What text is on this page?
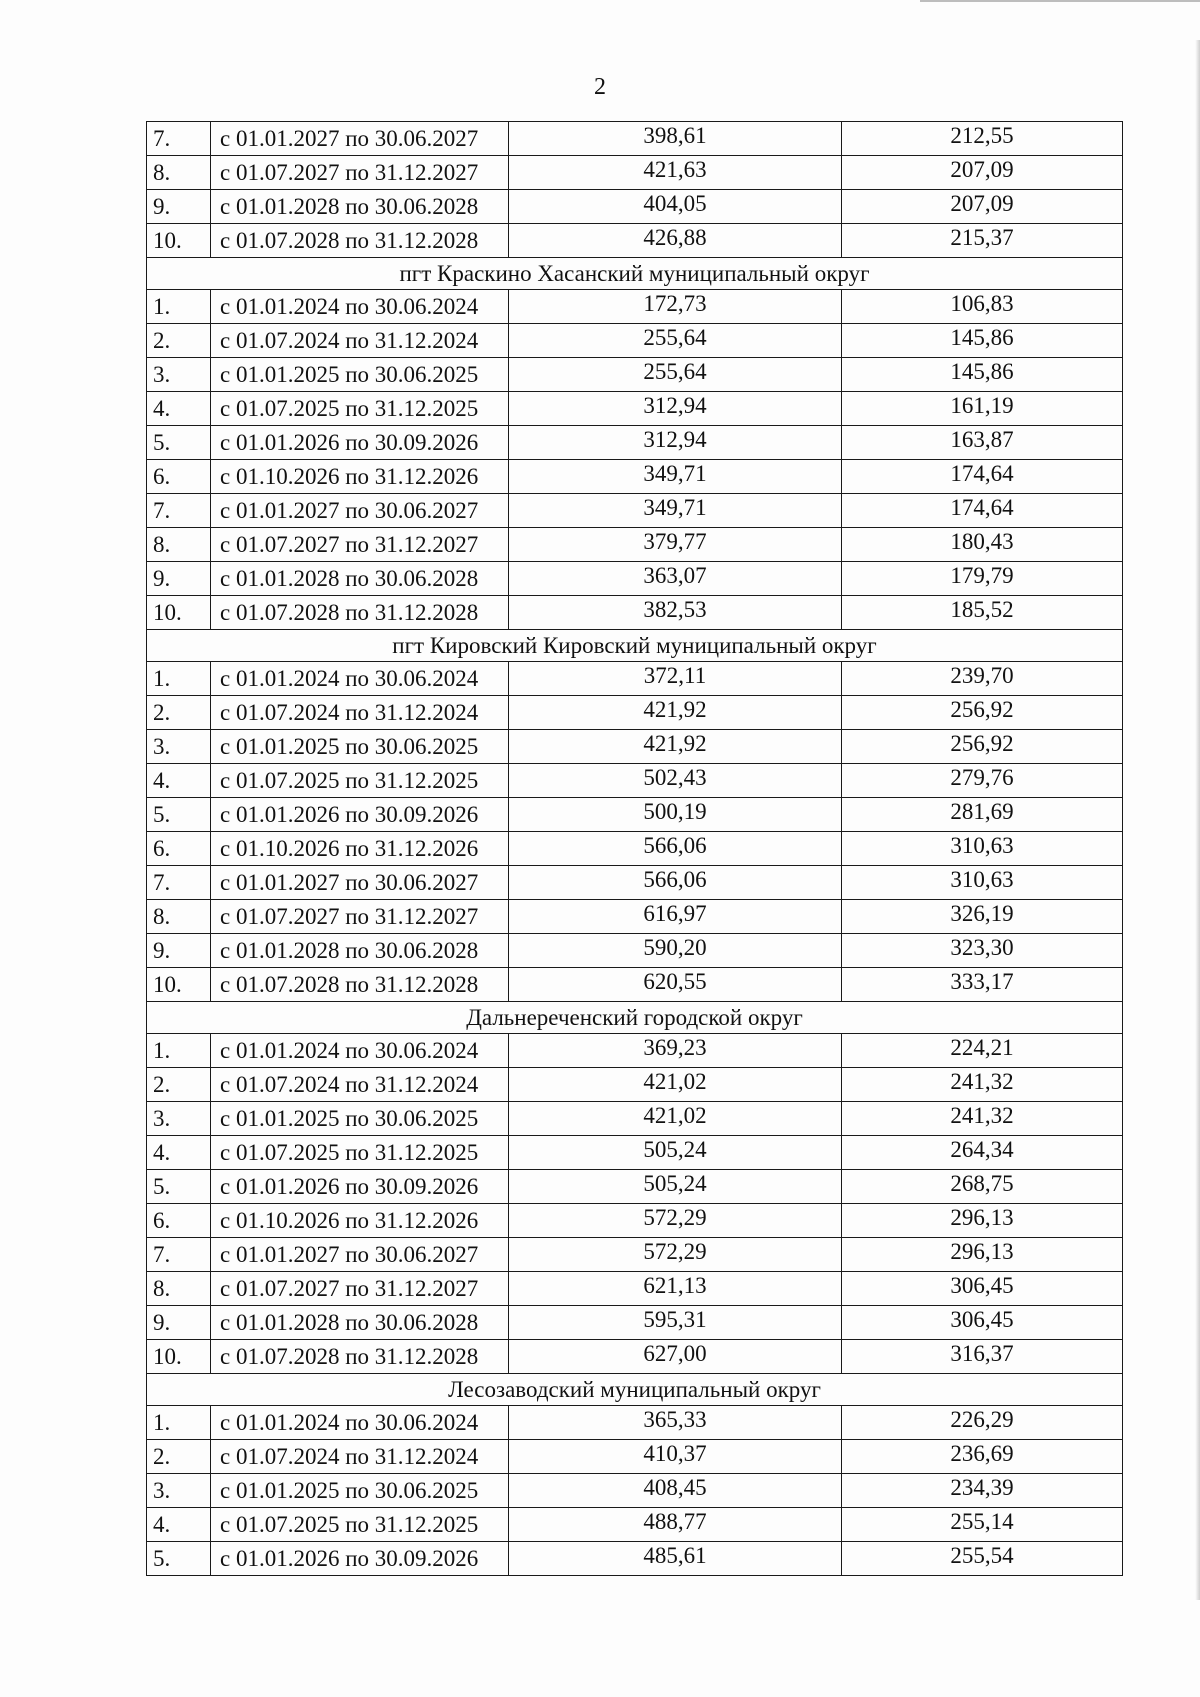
2
7.	с 01.01.2027 по 30.06.2027	398,61	212,55
8.	с 01.07.2027 по 31.12.2027	421,63	207,09
9.	с 01.01.2028 по 30.06.2028	404,05	207,09
10.	с 01.07.2028 по 31.12.2028	426,88	215,37
пгт Краскино Хасанский муниципальный округ			
1.	с 01.01.2024 по 30.06.2024	172,73	106,83
2.	с 01.07.2024 по 31.12.2024	255,64	145,86
3.	с 01.01.2025 по 30.06.2025	255,64	145,86
4.	с 01.07.2025 по 31.12.2025	312,94	161,19
5.	с 01.01.2026 по 30.09.2026	312,94	163,87
6.	с 01.10.2026 по 31.12.2026	349,71	174,64
7.	с 01.01.2027 по 30.06.2027	349,71	174,64
8.	с 01.07.2027 по 31.12.2027	379,77	180,43
9.	с 01.01.2028 по 30.06.2028	363,07	179,79
10.	с 01.07.2028 по 31.12.2028	382,53	185,52
пгт Кировский Кировский муниципальный округ			
1.	с 01.01.2024 по 30.06.2024	372,11	239,70
2.	с 01.07.2024 по 31.12.2024	421,92	256,92
3.	с 01.01.2025 по 30.06.2025	421,92	256,92
4.	с 01.07.2025 по 31.12.2025	502,43	279,76
5.	с 01.01.2026 по 30.09.2026	500,19	281,69
6.	с 01.10.2026 по 31.12.2026	566,06	310,63
7.	с 01.01.2027 по 30.06.2027	566,06	310,63
8.	с 01.07.2027 по 31.12.2027	616,97	326,19
9.	с 01.01.2028 по 30.06.2028	590,20	323,30
10.	с 01.07.2028 по 31.12.2028	620,55	333,17
Дальнереченский городской округ			
1.	с 01.01.2024 по 30.06.2024	369,23	224,21
2.	с 01.07.2024 по 31.12.2024	421,02	241,32
3.	с 01.01.2025 по 30.06.2025	421,02	241,32
4.	с 01.07.2025 по 31.12.2025	505,24	264,34
5.	с 01.01.2026 по 30.09.2026	505,24	268,75
6.	с 01.10.2026 по 31.12.2026	572,29	296,13
7.	с 01.01.2027 по 30.06.2027	572,29	296,13
8.	с 01.07.2027 по 31.12.2027	621,13	306,45
9.	с 01.01.2028 по 30.06.2028	595,31	306,45
10.	с 01.07.2028 по 31.12.2028	627,00	316,37
Лесозаводский муниципальный округ			
1.	с 01.01.2024 по 30.06.2024	365,33	226,29
2.	с 01.07.2024 по 31.12.2024	410,37	236,69
3.	с 01.01.2025 по 30.06.2025	408,45	234,39
4.	с 01.07.2025 по 31.12.2025	488,77	255,14
5.	с 01.01.2026 по 30.09.2026	485,61	255,54
